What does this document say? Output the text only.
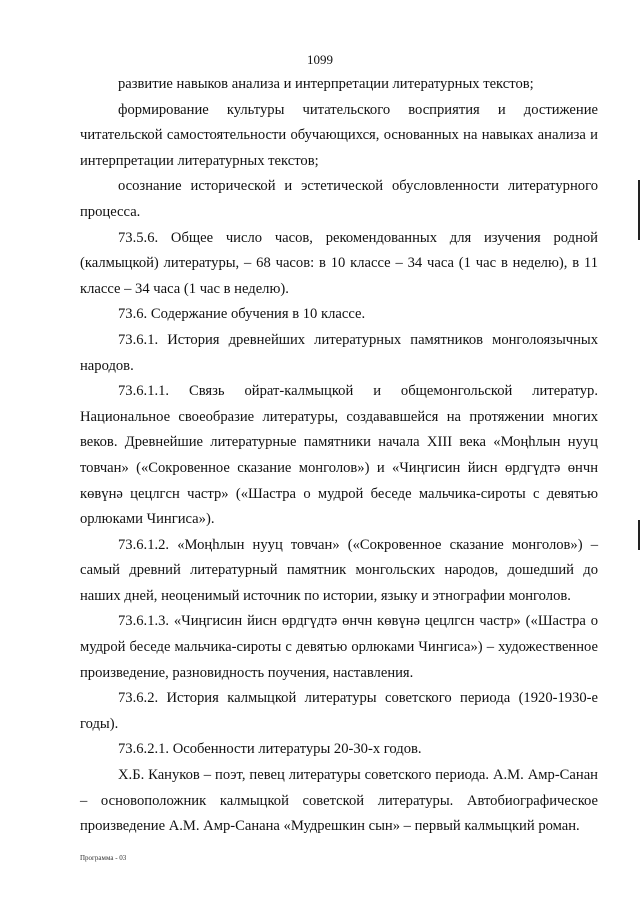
1099

развитие навыков анализа и интерпретации литературных текстов;

формирование культуры читательского восприятия и достижение читательской самостоятельности обучающихся, основанных на навыках анализа и интерпретации литературных текстов;

осознание исторической и эстетической обусловленности литературного процесса.

73.5.6. Общее число часов, рекомендованных для изучения родной (калмыцкой) литературы, – 68 часов: в 10 классе – 34 часа (1 час в неделю), в 11 классе – 34 часа (1 час в неделю).

73.6. Содержание обучения в 10 классе.

73.6.1. История древнейших литературных памятников монголоязычных народов.

73.6.1.1. Связь ойрат-калмыцкой и общемонгольской литератур. Национальное своеобразие литературы, создававшейся на протяжении многих веков. Древнейшие литературные памятники начала XIII века «Моңһлын нууц товчан» («Сокровенное сказание монголов») и «Чиңгисин йисн өрдгүдтә өнчн көвүнә цецлгсн частр» («Шастра о мудрой беседе мальчика-сироты с девятью орлюками Чингиса»).

73.6.1.2. «Моңһлын нууц товчан» («Сокровенное сказание монголов») – самый древний литературный памятник монгольских народов, дошедший до наших дней, неоценимый источник по истории, языку и этнографии монголов.

73.6.1.3. «Чиңгисин йисн өрдгүдтә өнчн көвүнә цецлгсн частр» («Шастра о мудрой беседе мальчика-сироты с девятью орлюками Чингиса») – художественное произведение, разновидность поучения, наставления.

73.6.2. История калмыцкой литературы советского периода (1920-1930-е годы).

73.6.2.1. Особенности литературы 20-30-х годов.

Х.Б. Кануков – поэт, певец литературы советского периода. А.М. Амр-Санан – основоположник калмыцкой советской литературы. Автобиографическое произведение А.М. Амр-Санана «Мудрешкин сын» – первый калмыцкий роман.

Программа - 03
